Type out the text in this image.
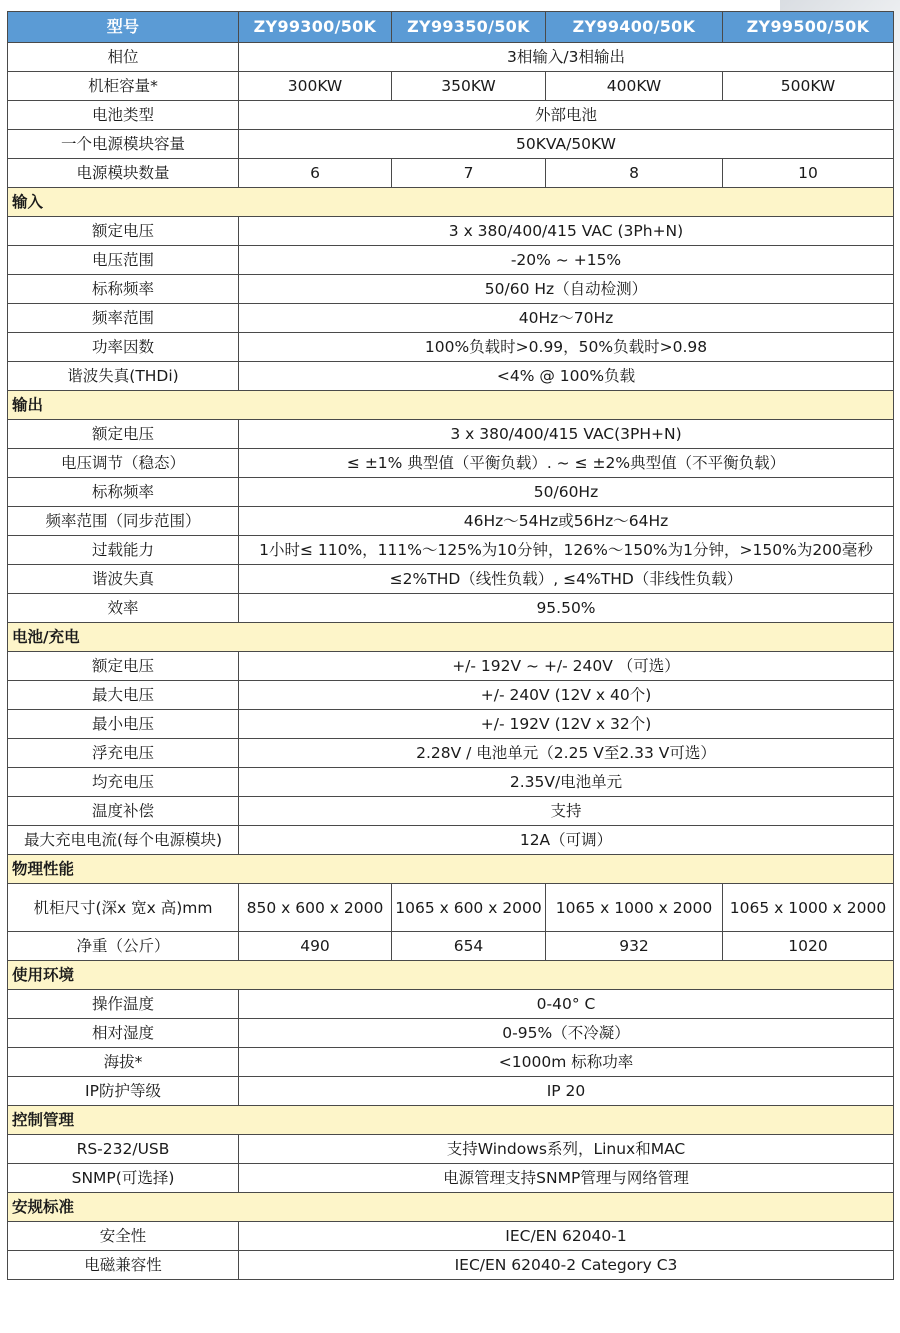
型号	ZY99300/50K	ZY99350/50K	ZY99400/50K	ZY99500/50K
相位	3相输入/3相输出			
机柜容量*	300KW	350KW	400KW	500KW
电池类型	外部电池			
一个电源模块容量	50KVA/50KW			
电源模块数量	6	7	8	10
输入				
额定电压	3 x 380/400/415 VAC (3Ph+N)			
电压范围	-20% ~ +15%			
标称频率	50/60 Hz（自动检测）			
频率范围	40Hz～70Hz			
功率因数	100%负载时>0.99，50%负载时>0.98			
谐波失真(THDi)	<4% @ 100%负载			
输出				
额定电压	3 x 380/400/415 VAC(3PH+N)			
电压调节（稳态）	≤ ±1% 典型值（平衡负载）. ~ ≤ ±2%典型值（不平衡负载）			
标称频率	50/60Hz			
频率范围（同步范围）	46Hz～54Hz或56Hz～64Hz			
过载能力	1小时≤ 110%，111%～125%为10分钟，126%～150%为1分钟，>150%为200毫秒			
谐波失真	≤2%THD（线性负载）, ≤4%THD（非线性负载）			
效率	95.50%			
电池/充电				
额定电压	+/- 192V ~ +/- 240V （可选）			
最大电压	+/- 240V (12V x 40个)			
最小电压	+/- 192V (12V x 32个)			
浮充电压	2.28V / 电池单元（2.25 V至2.33 V可选）			
均充电压	2.35V/电池单元			
温度补偿	支持			
最大充电电流(每个电源模块)	12A（可调）			
物理性能				
机柜尺寸(深x 宽x 高)mm	850 x 600 x 2000	1065 x 600 x 2000	1065 x 1000 x 2000	1065 x 1000 x 2000
净重（公斤）	490	654	932	1020
使用环境				
操作温度	0-40° C			
相对湿度	0-95%（不冷凝）			
海拔*	<1000m 标称功率			
IP防护等级	IP 20			
控制管理				
RS-232/USB	支持Windows系列，Linux和MAC			
SNMP(可选择)	电源管理支持SNMP管理与网络管理			
安规标准				
安全性	IEC/EN 62040-1			
电磁兼容性	IEC/EN 62040-2 Category C3			
